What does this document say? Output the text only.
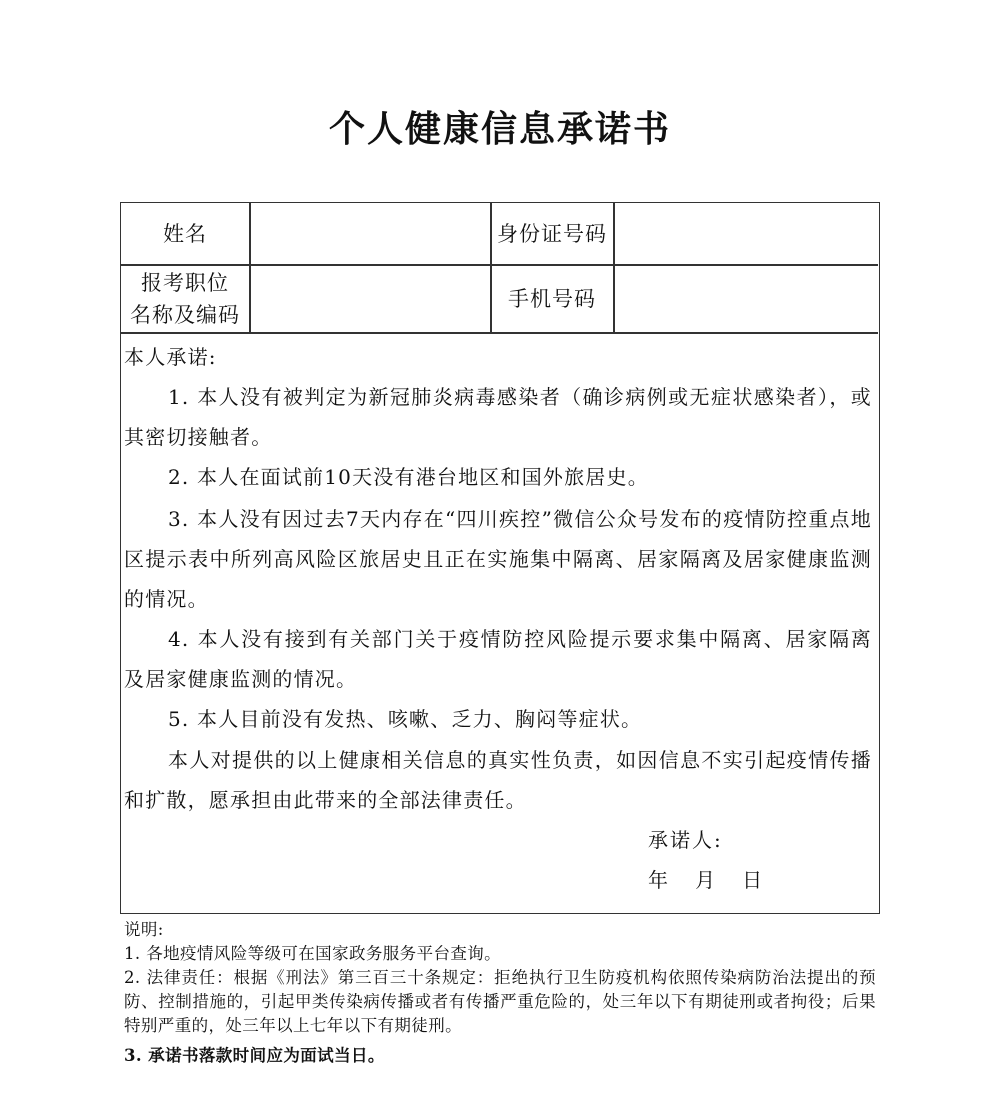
个人健康信息承诺书
姓名	身份证号码
报考职位
名称及编码
手机号码

本人承诺:

1. 本人没有被判定为新冠肺炎病毒感染者（确诊病例或无症状感染者），或其密切接触者。

2. 本人在面试前10天没有港台地区和国外旅居史。

3. 本人没有因过去7天内存在“四川疾控”微信公众号发布的疫情防控重点地区提示表中所列高风险区旅居史且正在实施集中隔离、居家隔离及居家健康监测的情况。

4. 本人没有接到有关部门关于疫情防控风险提示要求集中隔离、居家隔离及居家健康监测的情况。

5. 本人目前没有发热、咳嗽、乏力、胸闷等症状。

本人对提供的以上健康相关信息的真实性负责，如因信息不实引起疫情传播和扩散，愿承担由此带来的全部法律责任。

承诺人:
年   月   日

说明:

1. 各地疫情风险等级可在国家政务服务平台查询。

2. 法律责任：根据《刑法》第三百三十条规定：拒绝执行卫生防疫机构依照传染病防治法提出的预防、控制措施的，引起甲类传染病传播或者有传播严重危险的，处三年以下有期徒刑或者拘役；后果特别严重的，处三年以上七年以下有期徒刑。

3. 承诺书落款时间应为面试当日。
